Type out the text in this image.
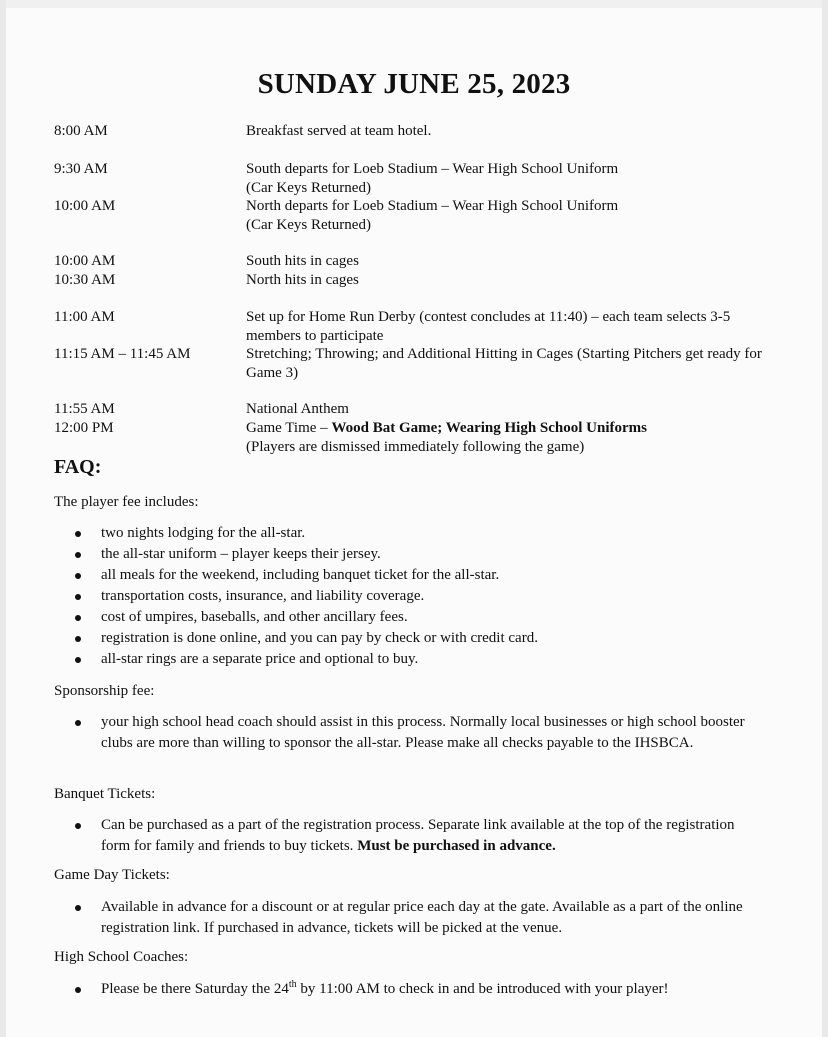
SUNDAY JUNE 25, 2023
8:00 AM	Breakfast served at team hotel.
9:30 AM	South departs for Loeb Stadium – Wear High School Uniform
(Car Keys Returned)
10:00 AM	North departs for Loeb Stadium – Wear High School Uniform
(Car Keys Returned)
10:00 AM	South hits in cages
10:30 AM	North hits in cages
11:00 AM	Set up for Home Run Derby (contest concludes at 11:40) – each team selects 3-5 members to participate
11:15 AM – 11:45 AM	Stretching; Throwing; and Additional Hitting in Cages (Starting Pitchers get ready for Game 3)
11:55 AM	National Anthem
12:00 PM	Game Time – Wood Bat Game; Wearing High School Uniforms
(Players are dismissed immediately following the game)
FAQ:
The player fee includes:
two nights lodging for the all-star.
the all-star uniform – player keeps their jersey.
all meals for the weekend, including banquet ticket for the all-star.
transportation costs, insurance, and liability coverage.
cost of umpires, baseballs, and other ancillary fees.
registration is done online, and you can pay by check or with credit card.
all-star rings are a separate price and optional to buy.
Sponsorship fee:
your high school head coach should assist in this process. Normally local businesses or high school booster clubs are more than willing to sponsor the all-star. Please make all checks payable to the IHSBCA.
Banquet Tickets:
Can be purchased as a part of the registration process. Separate link available at the top of the registration form for family and friends to buy tickets. Must be purchased in advance.
Game Day Tickets:
Available in advance for a discount or at regular price each day at the gate. Available as a part of the online registration link. If purchased in advance, tickets will be picked at the venue.
High School Coaches:
Please be there Saturday the 24th by 11:00 AM to check in and be introduced with your player!
